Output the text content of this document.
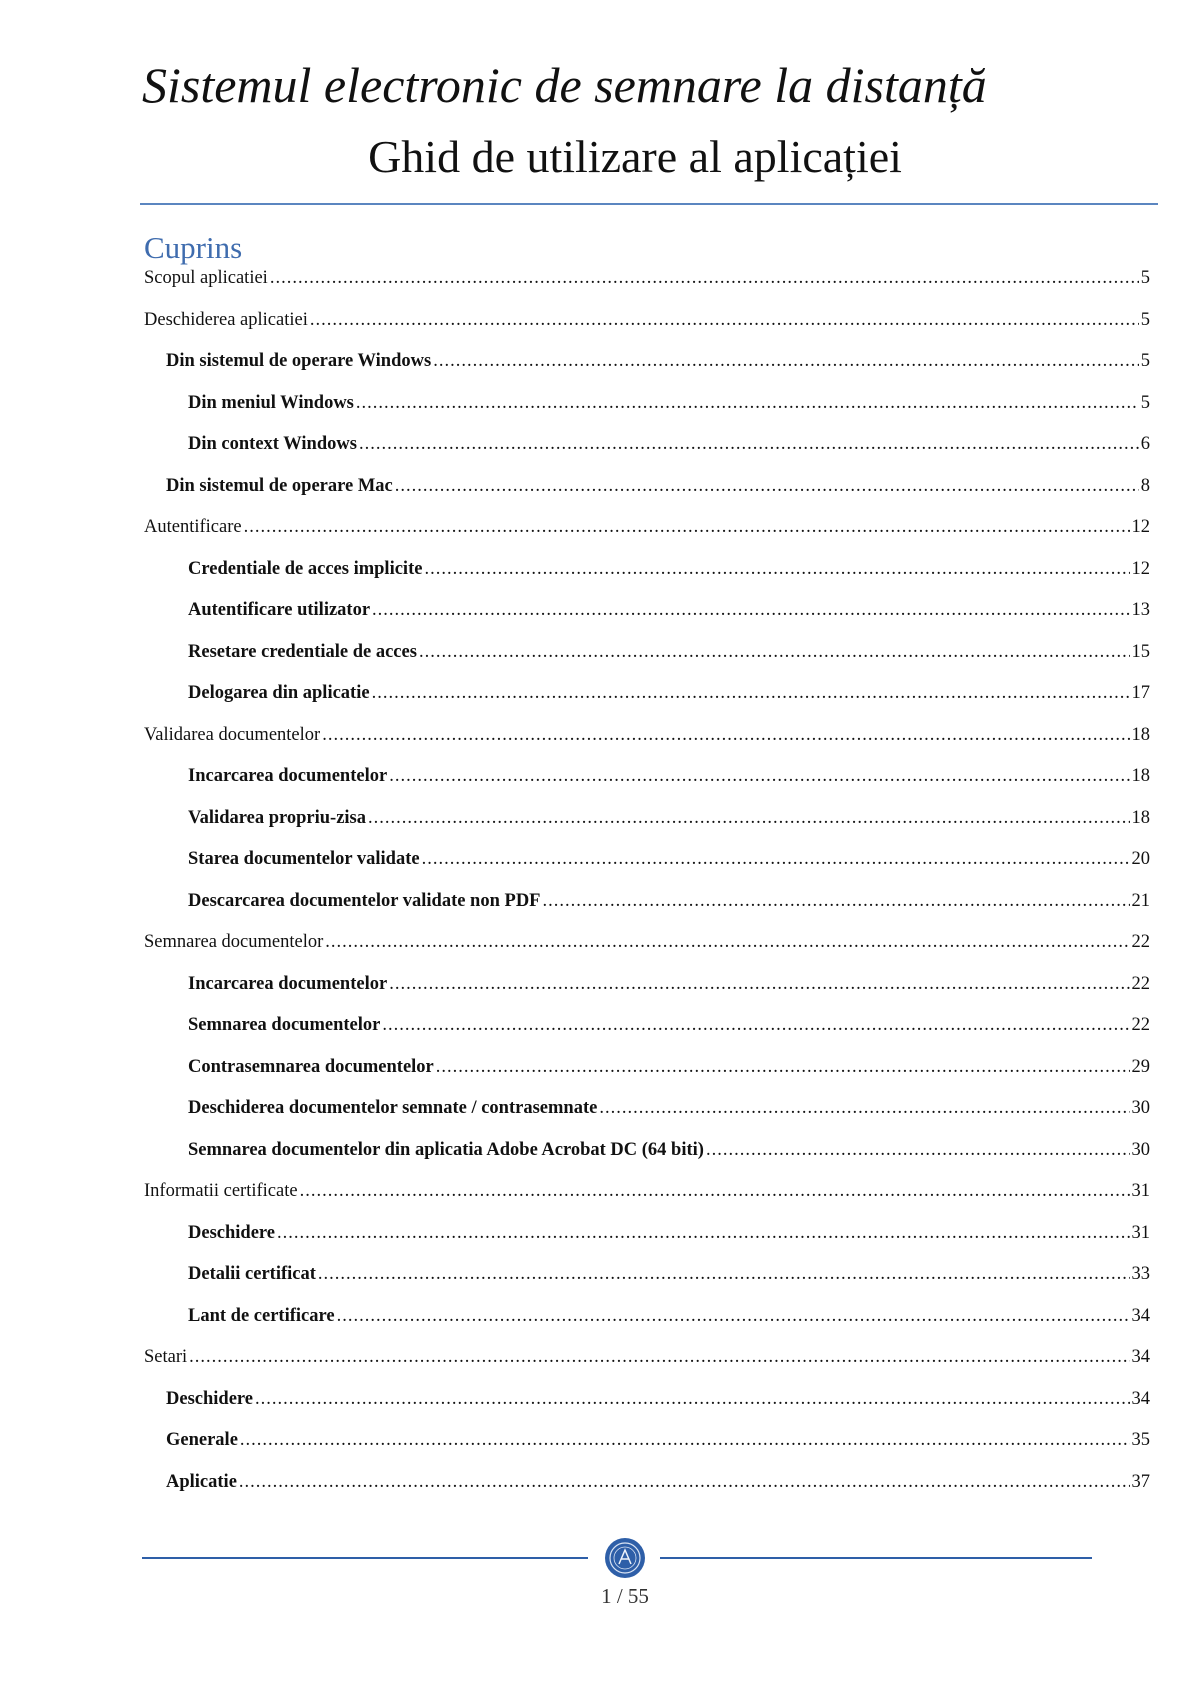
Sistemul electronic de semnare la distanță
Ghid de utilizare al aplicației
Cuprins
Scopul aplicatiei .....	5
Deschiderea aplicatiei .....	5
Din sistemul de operare Windows .....	5
Din meniul Windows .....	5
Din context Windows .....	6
Din sistemul de operare Mac .....	8
Autentificare .....	12
Credentiale de acces implicite .....	12
Autentificare utilizator .....	13
Resetare credentiale de acces .....	15
Delogarea din aplicatie .....	17
Validarea documentelor .....	18
Incarcarea documentelor .....	18
Validarea propriu-zisa .....	18
Starea documentelor validate .....	20
Descarcarea documentelor validate non PDF .....	21
Semnarea documentelor .....	22
Incarcarea documentelor .....	22
Semnarea documentelor .....	22
Contrasemnarea documentelor .....	29
Deschiderea documentelor semnate / contrasemnate .....	30
Semnarea documentelor din aplicatia Adobe Acrobat DC (64 biti) .....	30
Informatii certificate .....	31
Deschidere .....	31
Detalii certificat .....	33
Lant de certificare .....	34
Setari .....	34
Deschidere .....	34
Generale .....	35
Aplicatie .....	37
1 / 55
